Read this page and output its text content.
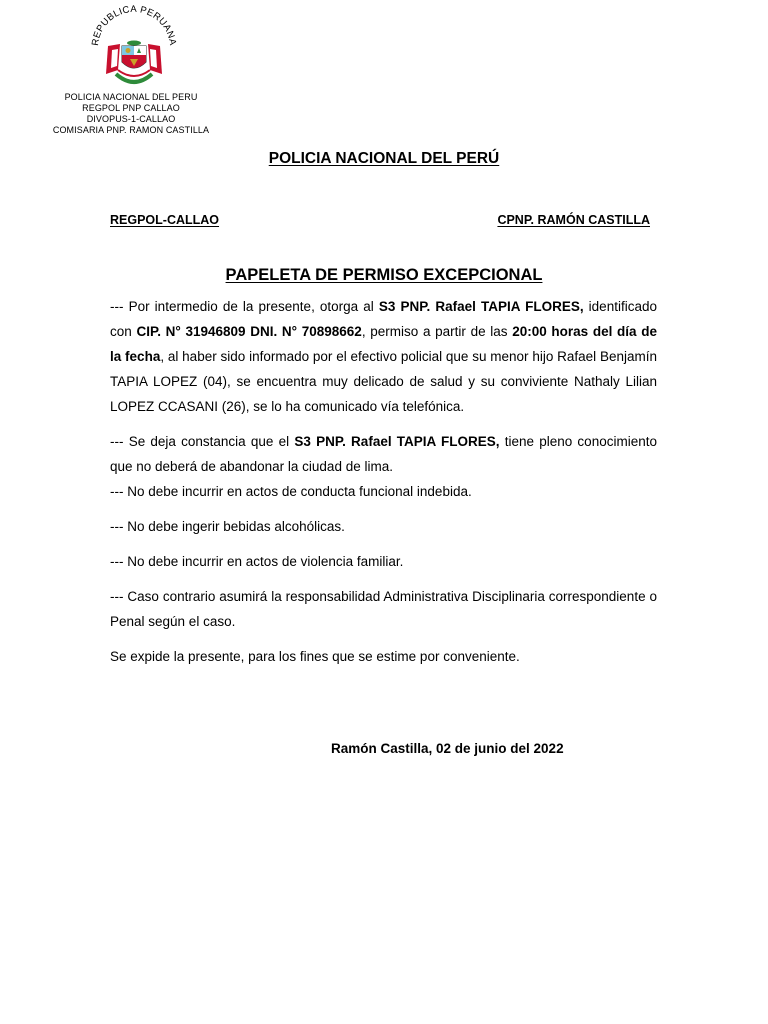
REPUBLICA PERUANA
POLICIA NACIONAL DEL PERU
REGPOL PNP CALLAO
DIVOPUS-1-CALLAO
COMISARIA PNP. RAMON CASTILLA
POLICIA NACIONAL DEL PERÚ
REGPOL-CALLAO	CPNP. RAMÓN CASTILLA
PAPELETA DE PERMISO EXCEPCIONAL

--- Por intermedio de la presente, otorga al S3 PNP. Rafael TAPIA FLORES, identificado con CIP. N° 31946809 DNI. N° 70898662, permiso a partir de las 20:00 horas del día de la fecha, al haber sido informado por el efectivo policial que su menor hijo Rafael Benjamín TAPIA LOPEZ (04), se encuentra muy delicado de salud y su conviviente Nathaly Lilian LOPEZ CCASANI (26), se lo ha comunicado vía telefónica.

--- Se deja constancia que el S3 PNP. Rafael TAPIA FLORES, tiene pleno conocimiento que no deberá de abandonar la ciudad de lima.

--- No debe incurrir en actos de conducta funcional indebida.

--- No debe ingerir bebidas alcohólicas.

--- No debe incurrir en actos de violencia familiar.

--- Caso contrario asumirá la responsabilidad Administrativa Disciplinaria correspondiente o Penal según el caso.

Se expide la presente, para los fines que se estime por conveniente.

Ramón Castilla, 02 de junio del 2022
